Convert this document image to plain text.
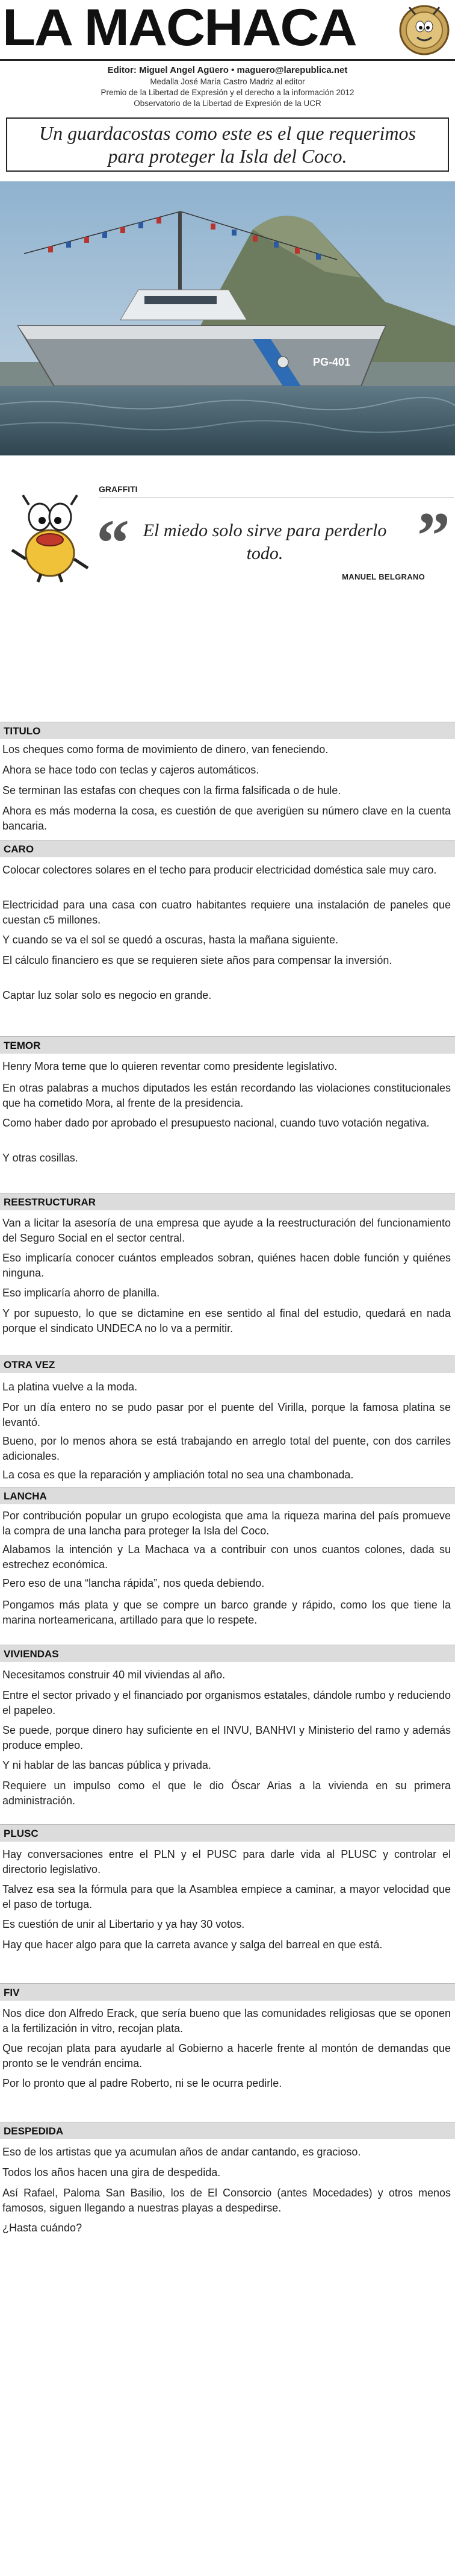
LA MACHACA
Editor: Miguel Angel Agüero • maguero@larepublica.net
Medalla José María Castro Madriz al editor
Premio de la Libertad de Expresión y el derecho a la información 2012
Observatorio de la Libertad de Expresión de la UCR
Un guardacostas como este es el que requerimos para proteger la Isla del Coco.
PG-401
GRAFFITI
“ El miedo solo sirve para perderlo todo.	”
MANUEL BELGRANO
TITULO
Los cheques como forma de movimiento de dinero, van feneciendo.
Ahora se hace todo con teclas y cajeros automáticos.
Se terminan las estafas con cheques con la firma falsificada o de hule.
Ahora es más moderna la cosa, es cuestión de que averigüen su número clave en la cuenta bancaria.
CARO
Colocar colectores solares en el techo para producir electricidad doméstica sale muy caro.
Electricidad para una casa con cuatro habitantes requiere una instalación de paneles que cuestan c5 millones.
Y cuando se va el sol se quedó a oscuras, hasta la mañana siguiente.
El cálculo financiero es que se requieren siete años para compensar la inversión.
Captar luz solar solo es negocio en grande.
TEMOR
Henry Mora teme que lo quieren reventar como presidente legislativo.
En otras palabras a muchos diputados les están recordando las violaciones constitucionales que ha cometido Mora, al frente de la presidencia.
Como haber dado por aprobado el presupuesto nacional, cuando tuvo votación negativa.
Y otras cosillas.
REESTRUCTURAR
Van a licitar la asesoría de una empresa que ayude a la reestructuración del funcionamiento del Seguro Social en el sector central.
Eso implicaría conocer cuántos empleados sobran, quiénes hacen doble función y quiénes ninguna.
Eso implicaría ahorro de planilla.
Y por supuesto, lo que se dictamine en ese sentido al final del estudio, quedará en nada porque el sindicato UNDECA no lo va a permitir.
OTRA VEZ
La platina vuelve a la moda.
Por un día entero no se pudo pasar por el puente del Virilla, porque la famosa platina se levantó.
Bueno, por lo menos ahora se está trabajando en arreglo total del puente, con dos carriles adicionales.
La cosa es que la reparación y ampliación total no sea una chambonada.
LANCHA
Por contribución popular un grupo ecologista que ama la riqueza marina del país promueve la compra de una lancha para proteger la Isla del Coco.
Alabamos la intención y La Machaca va a contribuir con unos cuantos colones, dada su estrechez económica.
Pero eso de una “lancha rápida”, nos queda debiendo.
Pongamos más plata y que se compre un barco grande y rápido, como los que tiene la marina norteamericana, artillado para que lo respete.
VIVIENDAS
Necesitamos construir 40 mil viviendas al año.
Entre el sector privado y el financiado por organismos estatales, dándole rumbo y reduciendo el papeleo.
Se puede, porque dinero hay suficiente en el INVU, BANHVI y Ministerio del ramo y además produce empleo.
Y ni hablar de las bancas pública y privada.
Requiere un impulso como el que le dio Óscar Arias a la vivienda en su primera administración.
PLUSC
Hay conversaciones entre el PLN y el PUSC para darle vida al PLUSC y controlar el directorio legislativo.
Talvez esa sea la fórmula para que la Asamblea empiece a caminar, a mayor velocidad que el paso de tortuga.
Es cuestión de unir al Libertario y ya hay 30 votos.
Hay que hacer algo para que la carreta avance y salga del barreal en que está.
FIV
Nos dice don Alfredo Erack, que sería bueno que las comunidades religiosas que se oponen a la fertilización in vitro, recojan plata.
Que recojan plata para ayudarle al Gobierno a hacerle frente al montón de demandas que pronto se le vendrán encima.
Por lo pronto que al padre Roberto, ni se le ocurra pedirle.
DESPEDIDA
Eso de los artistas que ya acumulan años de andar cantando, es gracioso.
Todos los años hacen una gira de despedida.
Así Rafael, Paloma San Basilio, los de El Consorcio (antes Mocedades) y otros menos famosos, siguen llegando a nuestras playas a despedirse.
¿Hasta cuándo?
